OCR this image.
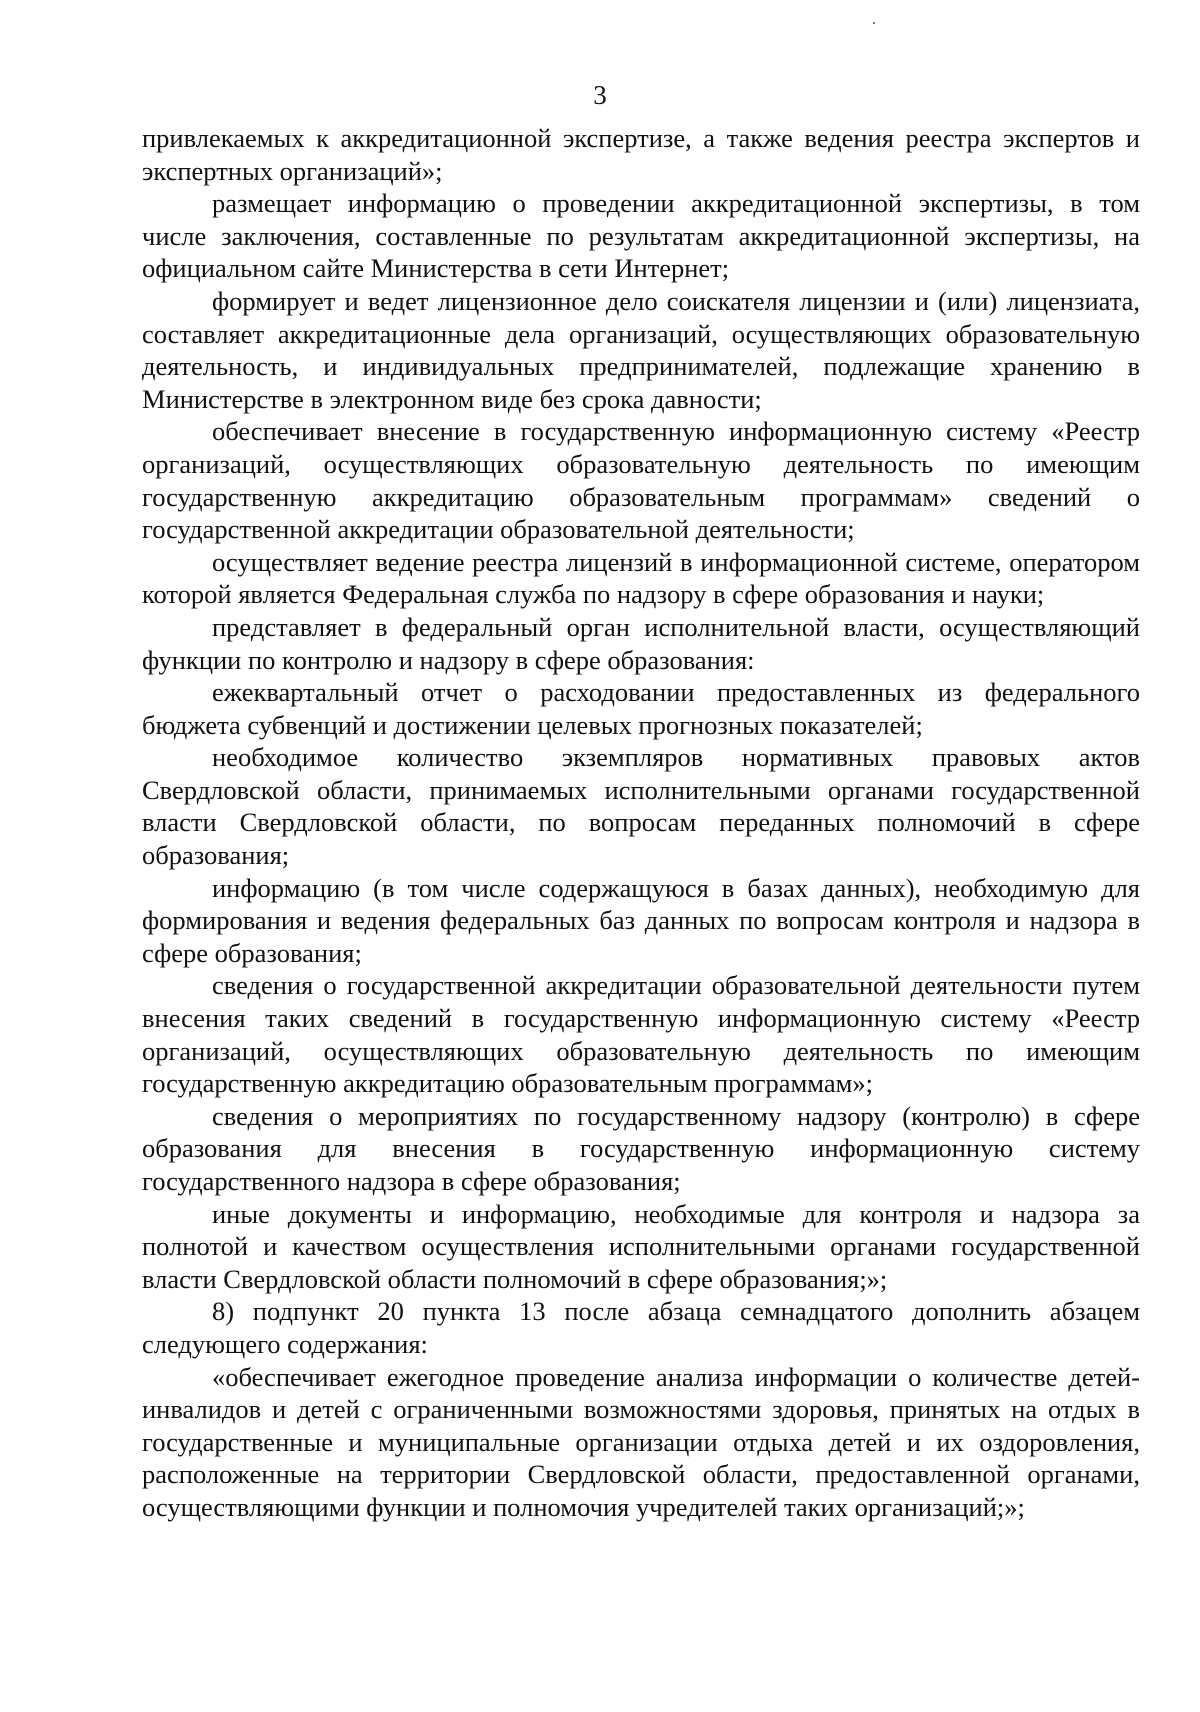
3

привлекаемых к аккредитационной экспертизе, а также ведения реестра экспертов и экспертных организаций»;

размещает информацию о проведении аккредитационной экспертизы, в том числе заключения, составленные по результатам аккредитационной экспертизы, на официальном сайте Министерства в сети Интернет;

формирует и ведет лицензионное дело соискателя лицензии и (или) лицензиата, составляет аккредитационные дела организаций, осуществляющих образовательную деятельность, и индивидуальных предпринимателей, подлежащие хранению в Министерстве в электронном виде без срока давности;

обеспечивает внесение в государственную информационную систему «Реестр организаций, осуществляющих образовательную деятельность по имеющим государственную аккредитацию образовательным программам» сведений о государственной аккредитации образовательной деятельности;

осуществляет ведение реестра лицензий в информационной системе, оператором которой является Федеральная служба по надзору в сфере образования и науки;

представляет в федеральный орган исполнительной власти, осуществляющий функции по контролю и надзору в сфере образования:

ежеквартальный отчет о расходовании предоставленных из федерального бюджета субвенций и достижении целевых прогнозных показателей;

необходимое количество экземпляров нормативных правовых актов Свердловской области, принимаемых исполнительными органами государственной власти Свердловской области, по вопросам переданных полномочий в сфере образования;

информацию (в том числе содержащуюся в базах данных), необходимую для формирования и ведения федеральных баз данных по вопросам контроля и надзора в сфере образования;

сведения о государственной аккредитации образовательной деятельности путем внесения таких сведений в государственную информационную систему «Реестр организаций, осуществляющих образовательную деятельность по имеющим государственную аккредитацию образовательным программам»;

сведения о мероприятиях по государственному надзору (контролю) в сфере образования для внесения в государственную информационную систему государственного надзора в сфере образования;

иные документы и информацию, необходимые для контроля и надзора за полнотой и качеством осуществления исполнительными органами государственной власти Свердловской области полномочий в сфере образования;»;

8) подпункт 20 пункта 13 после абзаца семнадцатого дополнить абзацем следующего содержания:

«обеспечивает ежегодное проведение анализа информации о количестве детей-инвалидов и детей с ограниченными возможностями здоровья, принятых на отдых в государственные и муниципальные организации отдыха детей и их оздоровления, расположенные на территории Свердловской области, предоставленной органами, осуществляющими функции и полномочия учредителей таких организаций;»;
